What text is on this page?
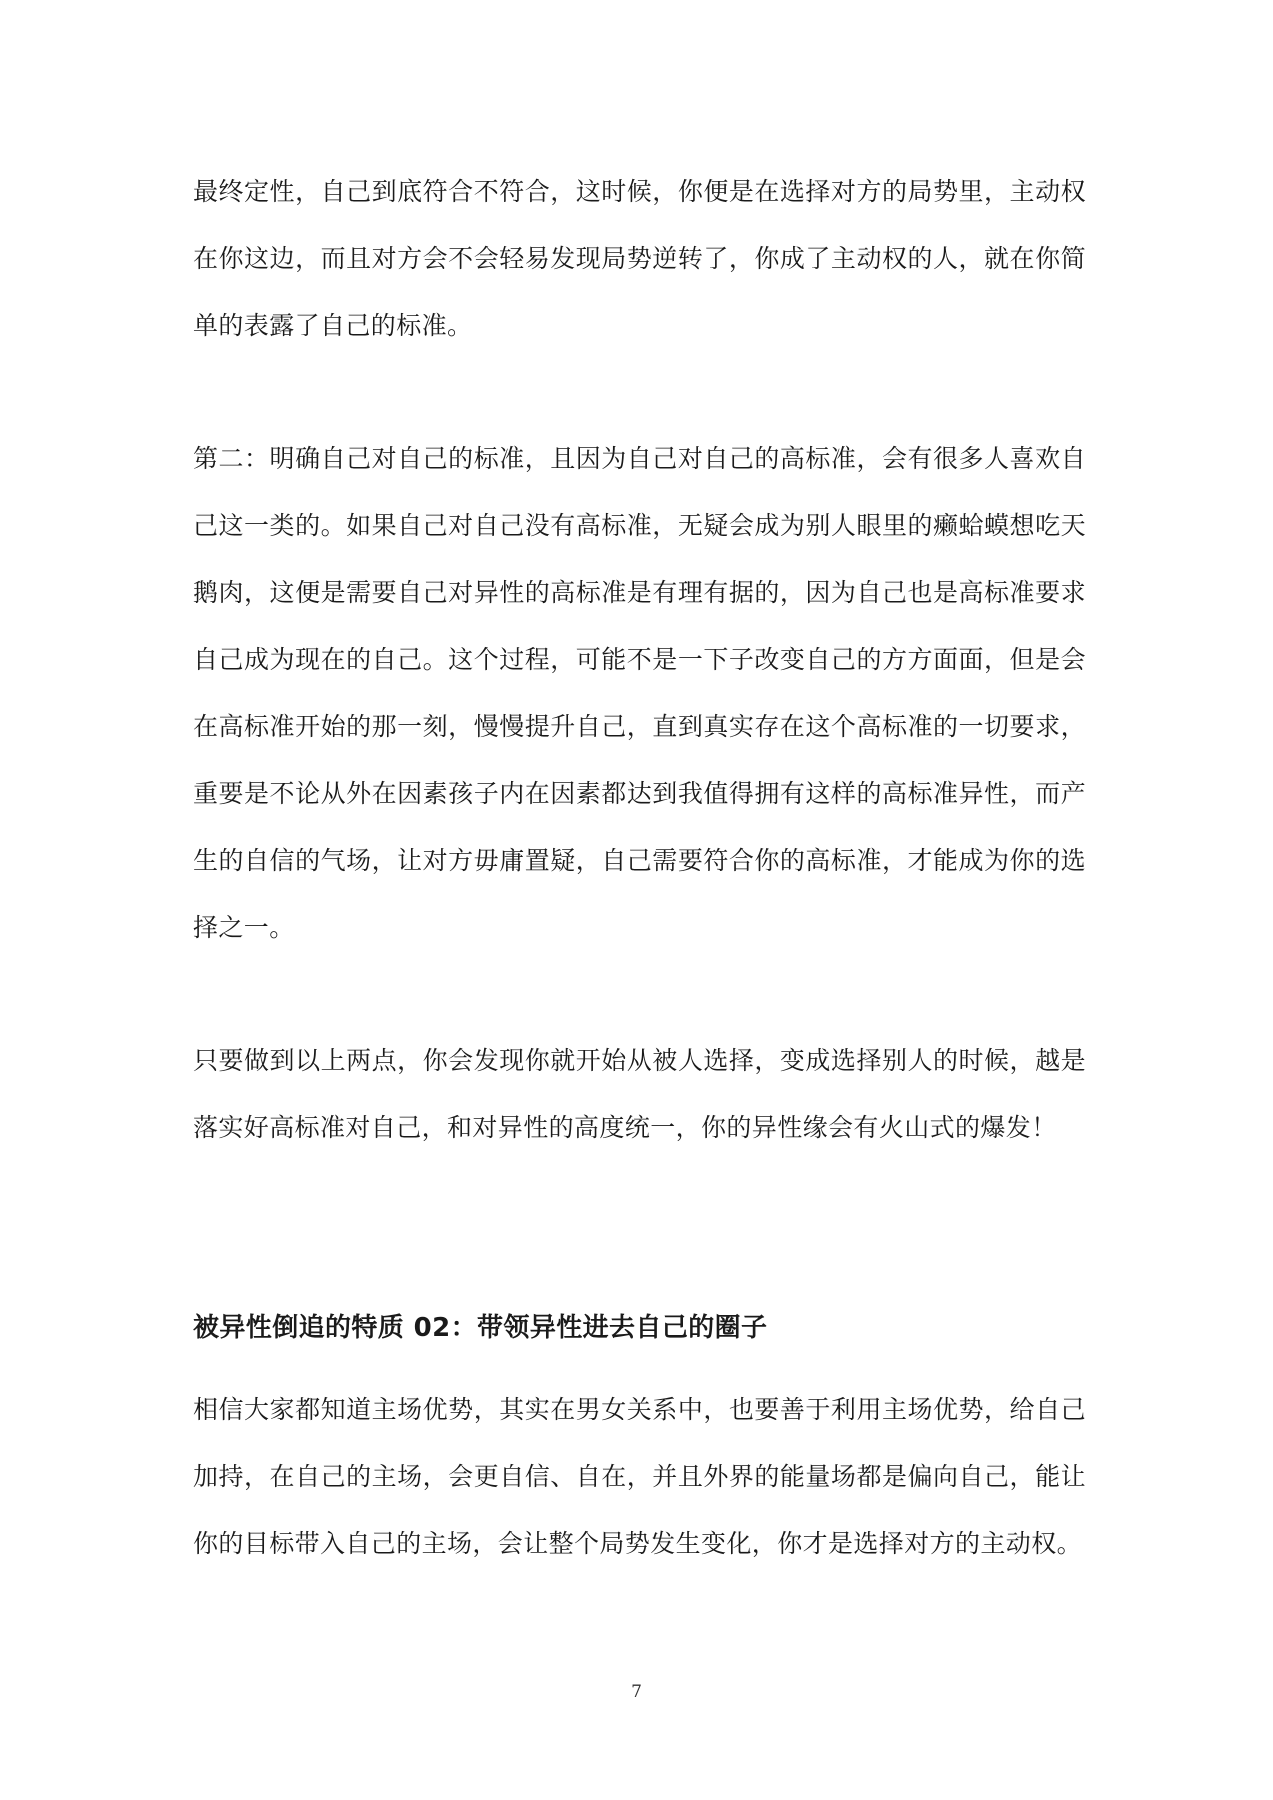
最终定性，自己到底符合不符合，这时候，你便是在选择对方的局势里，主动权在你这边，而且对方会不会轻易发现局势逆转了，你成了主动权的人，就在你简单的表露了自己的标准。

第二：明确自己对自己的标准，且因为自己对自己的高标准，会有很多人喜欢自己这一类的。如果自己对自己没有高标准，无疑会成为别人眼里的癞蛤蟆想吃天鹅肉，这便是需要自己对异性的高标准是有理有据的，因为自己也是高标准要求自己成为现在的自己。这个过程，可能不是一下子改变自己的方方面面，但是会在高标准开始的那一刻，慢慢提升自己，直到真实存在这个高标准的一切要求，重要是不论从外在因素孩子内在因素都达到我值得拥有这样的高标准异性，而产生的自信的气场，让对方毋庸置疑，自己需要符合你的高标准，才能成为你的选择之一。

只要做到以上两点，你会发现你就开始从被人选择，变成选择别人的时候，越是落实好高标准对自己，和对异性的高度统一，你的异性缘会有火山式的爆发！

被异性倒追的特质 02：带领异性进去自己的圈子

相信大家都知道主场优势，其实在男女关系中，也要善于利用主场优势，给自己加持，在自己的主场，会更自信、自在，并且外界的能量场都是偏向自己，能让你的目标带入自己的主场，会让整个局势发生变化，你才是选择对方的主动权。

7
